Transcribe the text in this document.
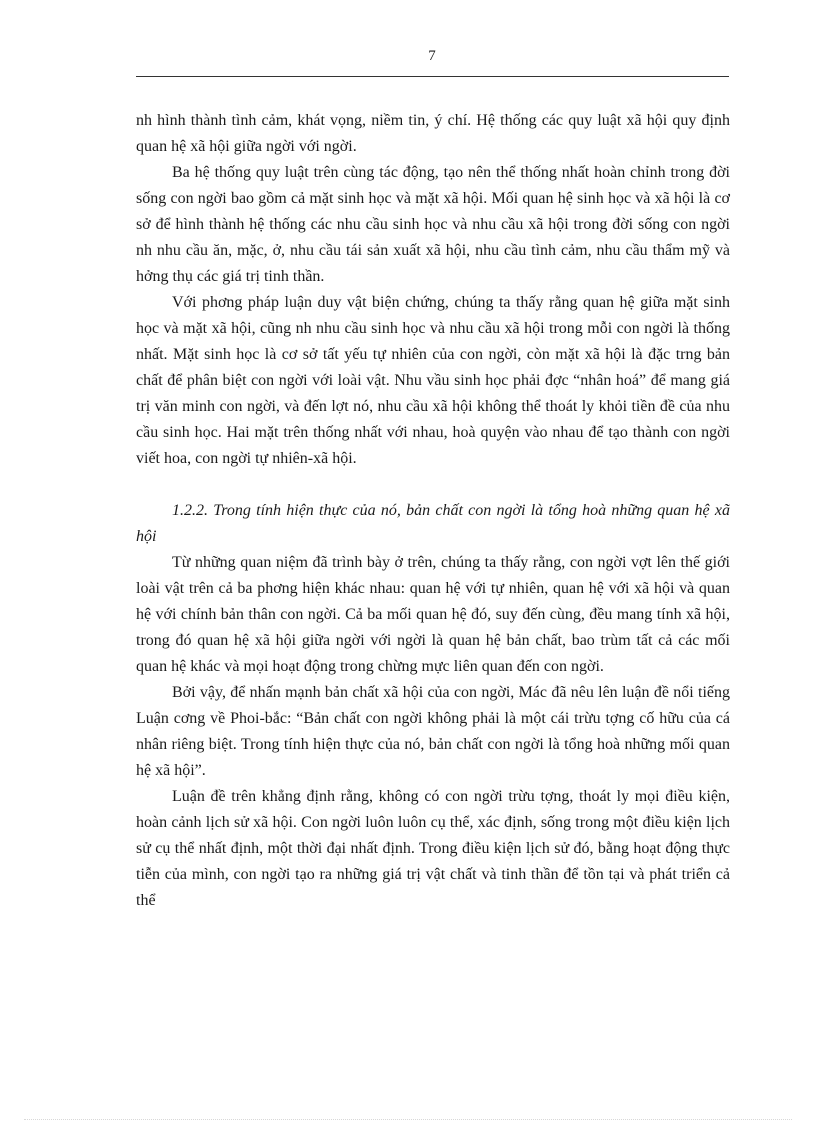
7

nh hình thành tình cảm, khát vọng, niềm tin, ý chí. Hệ thống các quy luật xã hội quy định quan hệ xã hội giữa ngời với ngời.

Ba hệ thống quy luật trên cùng tác động, tạo nên thể thống nhất hoàn chỉnh trong đời sống con ngời bao gồm cả mặt sinh học và mặt xã hội. Mối quan hệ sinh học và xã hội là cơ sở để hình thành hệ thống các nhu cầu sinh học và nhu cầu xã hội trong đời sống con ngời nh nhu cầu ăn, mặc, ở, nhu cầu tái sản xuất xã hội, nhu cầu tình cảm, nhu cầu thẩm mỹ và hởng thụ các giá trị tinh thần.

Với phơng pháp luận duy vật biện chứng, chúng ta thấy rằng quan hệ giữa mặt sinh học và mặt xã hội, cũng nh nhu cầu sinh học và nhu cầu xã hội trong mỗi con ngời là thống nhất. Mặt sinh học là cơ sở tất yếu tự nhiên của con ngời, còn mặt xã hội là đặc trng bản chất để phân biệt con ngời với loài vật. Nhu vầu sinh học phải đợc “nhân hoá” để mang giá trị văn minh con ngời, và đến lợt nó, nhu cầu xã hội không thể thoát ly khỏi tiền đề của nhu cầu sinh học. Hai mặt trên thống nhất với nhau, hoà quyện vào nhau để tạo thành con ngời viết hoa, con ngời tự nhiên-xã hội.

1.2.2. Trong tính hiện thực của nó, bản chất con ngời là tổng hoà những quan hệ xã hội

Từ những quan niệm đã trình bày ở trên, chúng ta thấy rằng, con ngời vợt lên thế giới loài vật trên cả ba phơng hiện khác nhau: quan hệ với tự nhiên, quan hệ với xã hội và quan hệ với chính bản thân con ngời. Cả ba mối quan hệ đó, suy đến cùng, đều mang tính xã hội, trong đó quan hệ xã hội giữa ngời với ngời là quan hệ bản chất, bao trùm tất cả các mối quan hệ khác và mọi hoạt động trong chừng mực liên quan đến con ngời.

Bởi vậy, để nhấn mạnh bản chất xã hội của con ngời, Mác đã nêu lên luận đề nổi tiếng Luận cơng về Phoi-bắc: “Bản chất con ngời không phải là một cái trừu tợng cố hữu của cá nhân riêng biệt. Trong tính hiện thực của nó, bản chất con ngời là tổng hoà những mối quan hệ xã hội”.

Luận đề trên khẳng định rằng, không có con ngời trừu tợng, thoát ly mọi điều kiện, hoàn cảnh lịch sử xã hội. Con ngời luôn luôn cụ thể, xác định, sống trong một điều kiện lịch sử cụ thể nhất định, một thời đại nhất định. Trong điều kiện lịch sử đó, bằng hoạt động thực tiễn của mình, con ngời tạo ra những giá trị vật chất và tinh thần để tồn tại và phát triển cả thể
